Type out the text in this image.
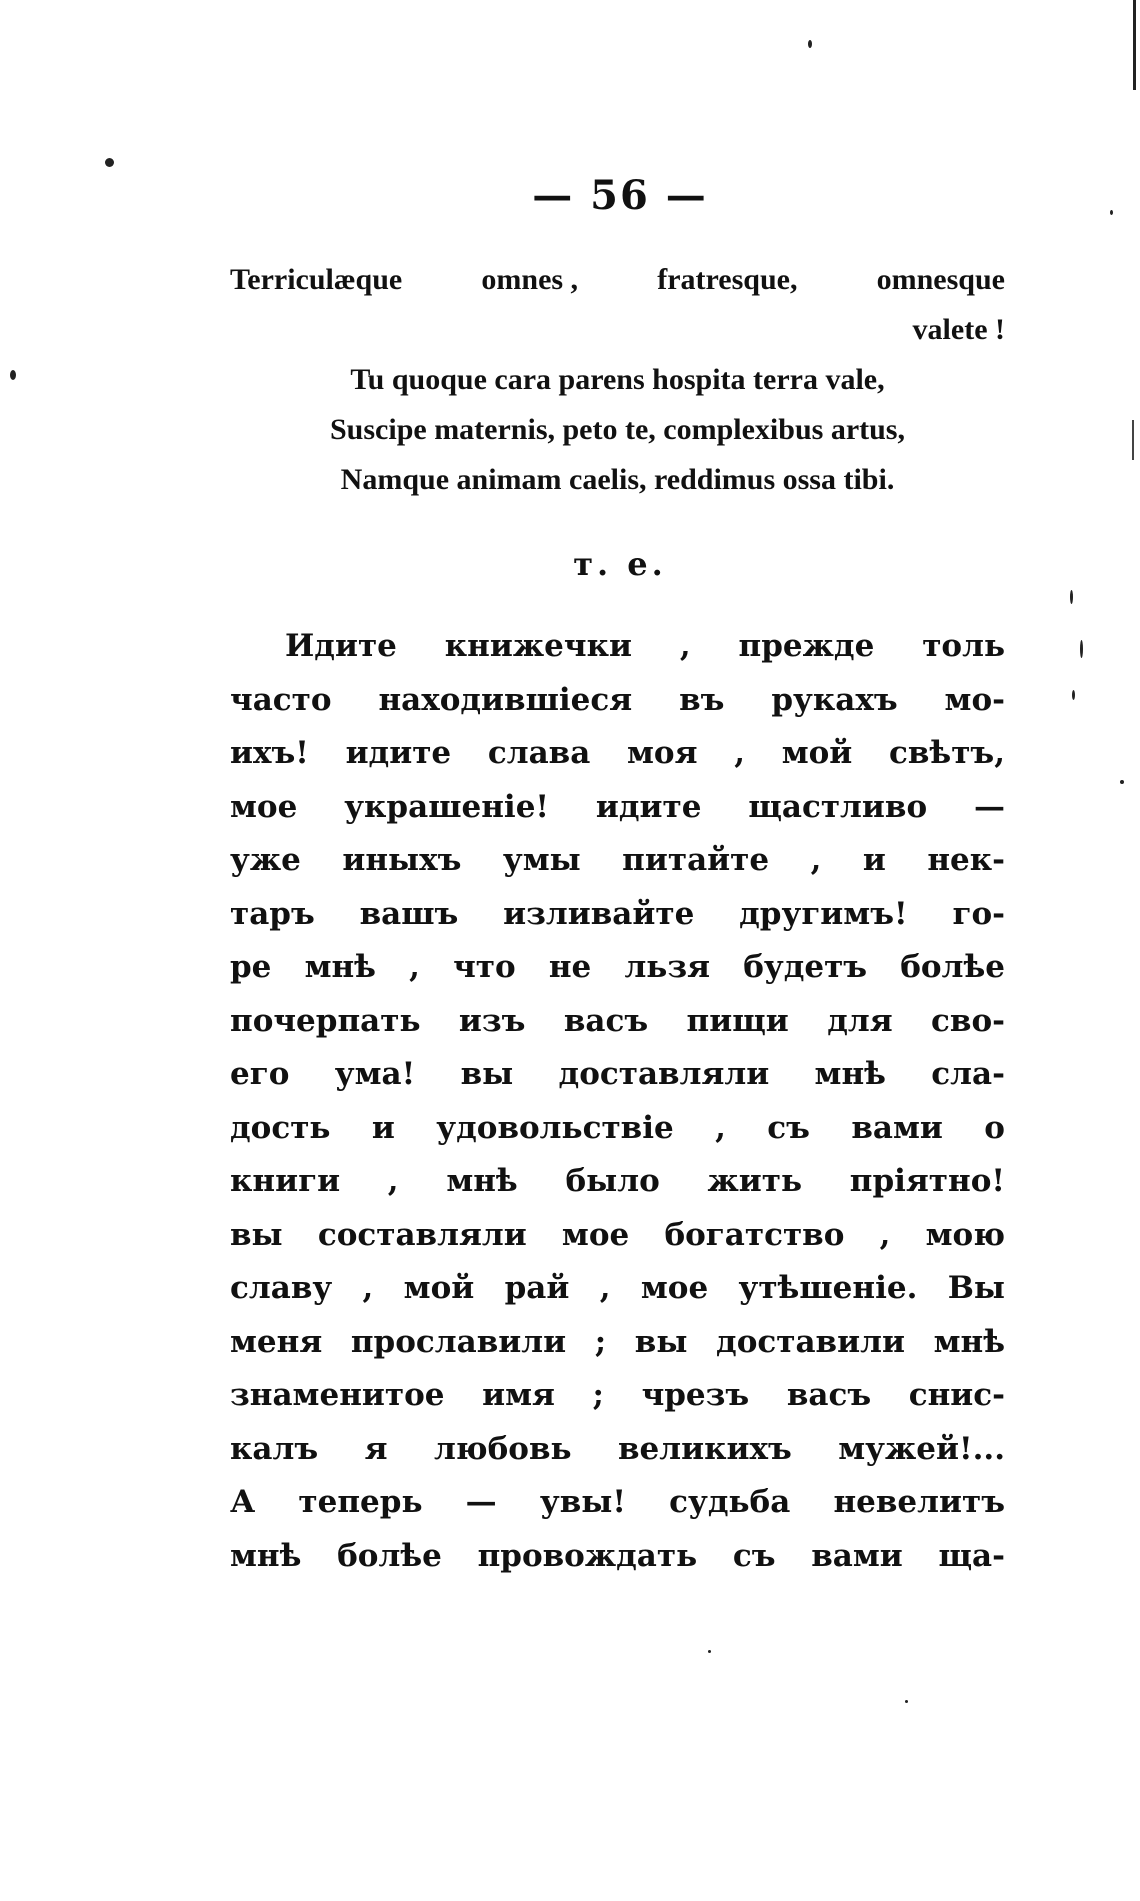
— 56 —
Terriculæque	omnes ,	fratresque,	omnesque
valete !
Tu quoque cara parens hospita terra vale,
Suscipe maternis, peto te, complexibus artus,
Namque animam caelis, reddimus ossa tibi.
т. е.
Идите книжечки , прежде толь
часто находившіеся въ рукахъ мо-
ихъ! идите слава моя , мой свѣтъ,
мое украшеніе! идите щастливо —
уже иныхъ умы питайте , и нек-
таръ вашъ изливайте другимъ! го-
ре мнѣ , что не льзя будетъ болѣе
почерпать изъ васъ пищи для сво-
его ума! вы доставляли мнѣ сла-
дость и удовольствіе , съ вами о
книги , мнѣ было жить пріятно!
вы составляли мое богатство , мою
славу , мой рай , мое утѣшеніе. Вы
меня прославили ; вы доставили мнѣ
знаменитое имя ; чрезъ васъ снис-
калъ я любовь великихъ мужей!...
А теперь — увы! судьба невелитъ
мнѣ болѣе провождать съ вами ща-
